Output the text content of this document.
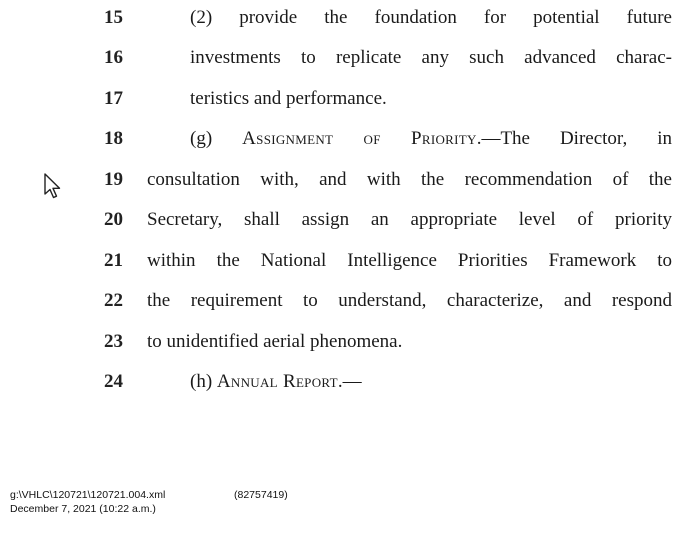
15	(2) provide the foundation for potential future
16	investments to replicate any such advanced charac-
17	teristics and performance.
18	(g) Assignment of Priority.—The Director, in
19	consultation with, and with the recommendation of the
20	Secretary, shall assign an appropriate level of priority
21	within the National Intelligence Priorities Framework to
22	the requirement to understand, characterize, and respond
23	to unidentified aerial phenomena.
24	(h) Annual Report.—
g:\VHLC\120721\120721.004.xml	(82757419)
December 7, 2021 (10:22 a.m.)
